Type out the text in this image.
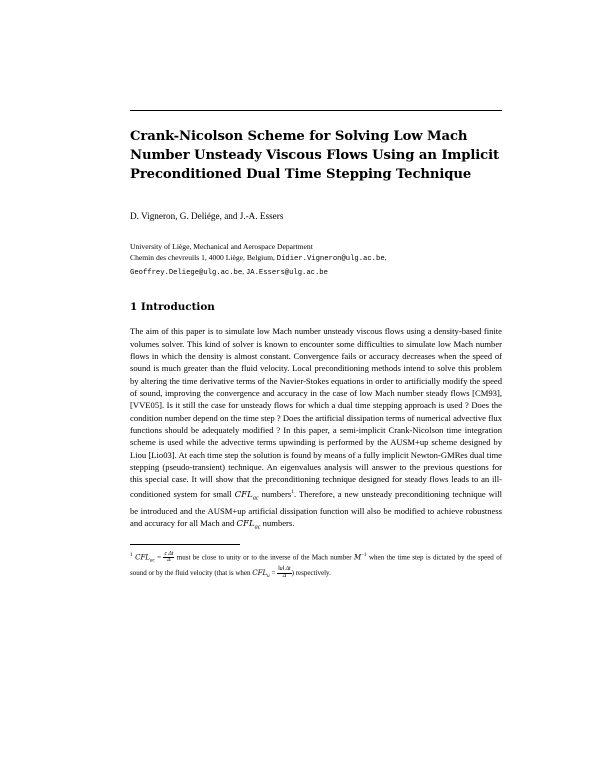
Crank-Nicolson Scheme for Solving Low Mach Number Unsteady Viscous Flows Using an Implicit Preconditioned Dual Time Stepping Technique

D. Vigneron, G. Deliége, and J.-A. Essers

University of Liège, Mechanical and Aerospace Department
Chemin des chevreuils 1, 4000 Liège, Belgium, Didier.Vigneron@ulg.ac.be,
Geoffrey.Deliege@ulg.ac.be, JA.Essers@ulg.ac.be
1 Introduction

The aim of this paper is to simulate low Mach number unsteady viscous flows using a density-based finite volumes solver. This kind of solver is known to encounter some difficulties to simulate low Mach number flows in which the density is almost constant. Convergence fails or accuracy decreases when the speed of sound is much greater than the fluid velocity. Local preconditioning methods intend to solve this problem by altering the time derivative terms of the Navier-Stokes equations in order to artificially modify the speed of sound, improving the convergence and accuracy in the case of low Mach number steady flows [CM93], [VVE05]. Is it still the case for unsteady flows for which a dual time stepping approach is used ? Does the condition number depend on the time step ? Does the artificial dissipation terms of numerical advective flux functions should be adequately modified ? In this paper, a semi-implicit Crank-Nicolson time integration scheme is used while the advective terms upwinding is performed by the AUSM+up scheme designed by Liou [Lio03]. At each time step the solution is found by means of a fully implicit Newton-GMRes dual time stepping (pseudo-transient) technique. An eigenvalues analysis will answer to the previous questions for this special case. It will show that the preconditioning technique designed for steady flows leads to an ill-conditioned system for small $CFL_{ac}$ numbers$^1$. Therefore, a new unsteady preconditioning technique will be introduced and the AUSM+up artificial dissipation function will also be modified to achieve robustness and accuracy for all Mach and $CFL_{ac}$ numbers.

$^1$ $CFL_{ac} = \frac{\text{c Δt}}{\Delta}$ must be close to unity or to the inverse of the Mach number $M^{-1}$ when the time step is dictated by the speed of sound or by the fluid velocity (that is when $CFL_u = \frac{‖u‖ \Delta t}{\Delta}$ ) respectively.
